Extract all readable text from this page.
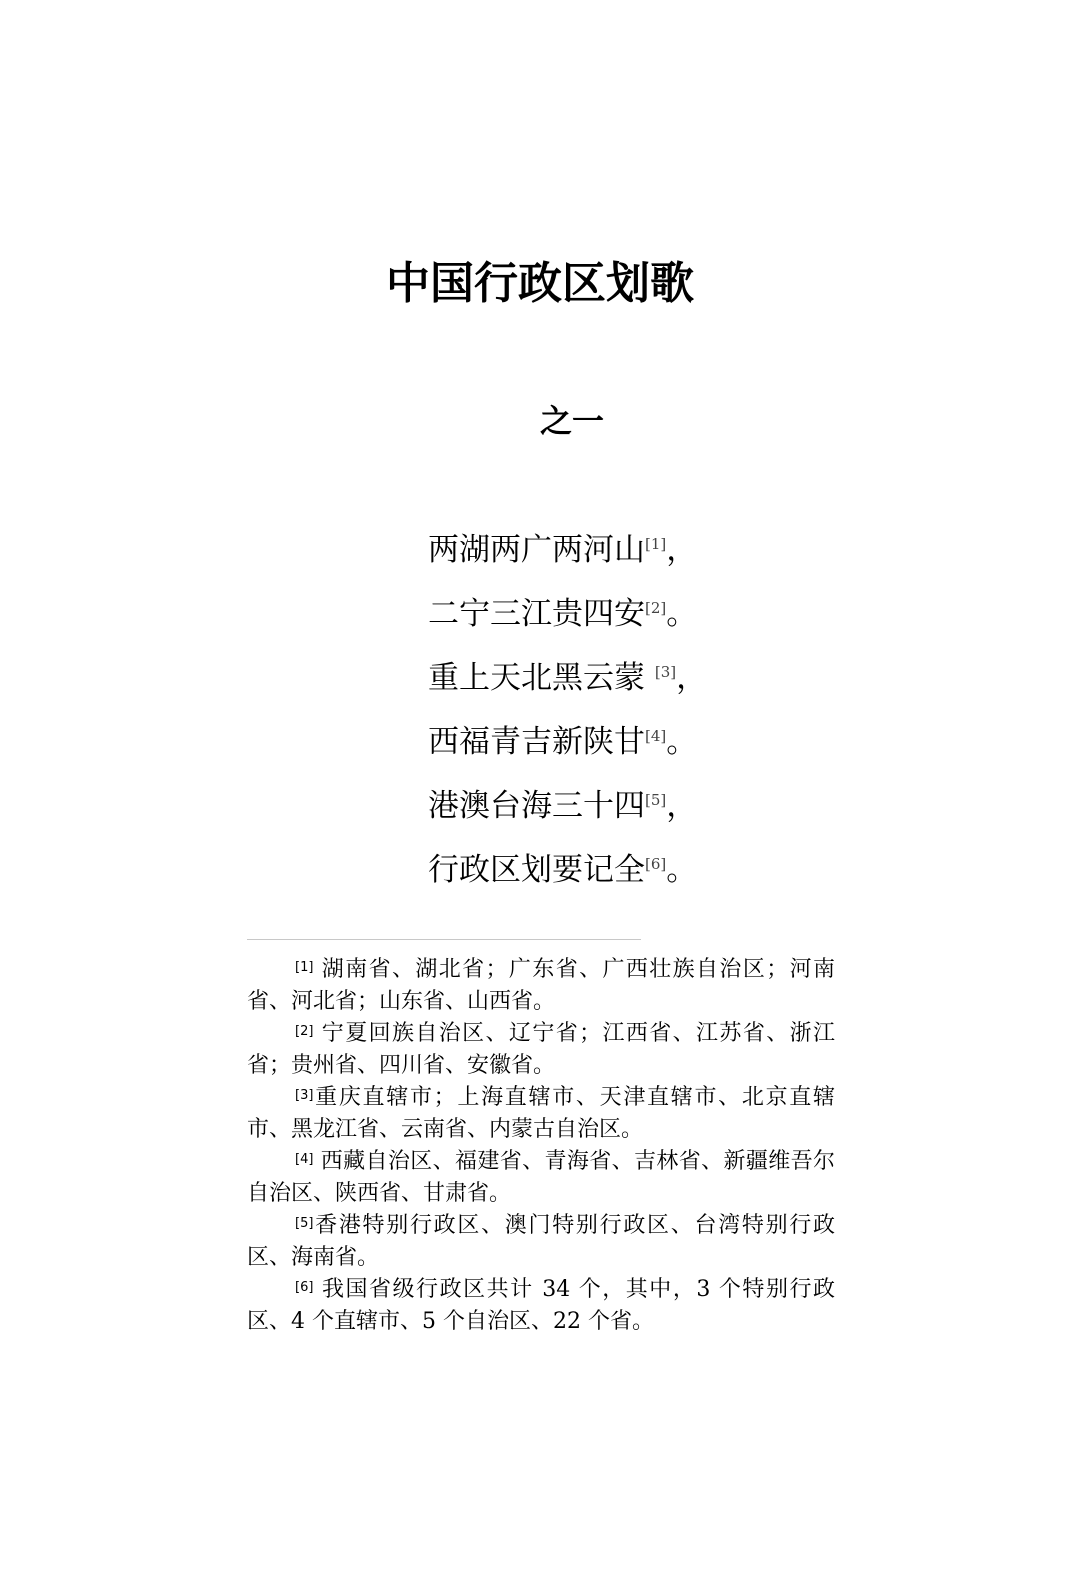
中国行政区划歌
之一
两湖两广两河山[1]，
二宁三江贵四安[2]。
重上天北黑云蒙 [3]，
西福青吉新陕甘[4]。
港澳台海三十四[5]，
行政区划要记全[6]。
[1] 湖南省、湖北省；广东省、广西壮族自治区；河南省、河北省；山东省、山西省。
[2] 宁夏回族自治区、辽宁省；江西省、江苏省、浙江省；贵州省、四川省、安徽省。
[3]重庆直辖市；上海直辖市、天津直辖市、北京直辖市、黑龙江省、云南省、内蒙古自治区。
[4] 西藏自治区、福建省、青海省、吉林省、新疆维吾尔自治区、陕西省、甘肃省。
[5]香港特别行政区、澳门特别行政区、台湾特别行政区、海南省。
[6] 我国省级行政区共计 34 个，其中，3 个特别行政区、4 个直辖市、5 个自治区、22 个省。
